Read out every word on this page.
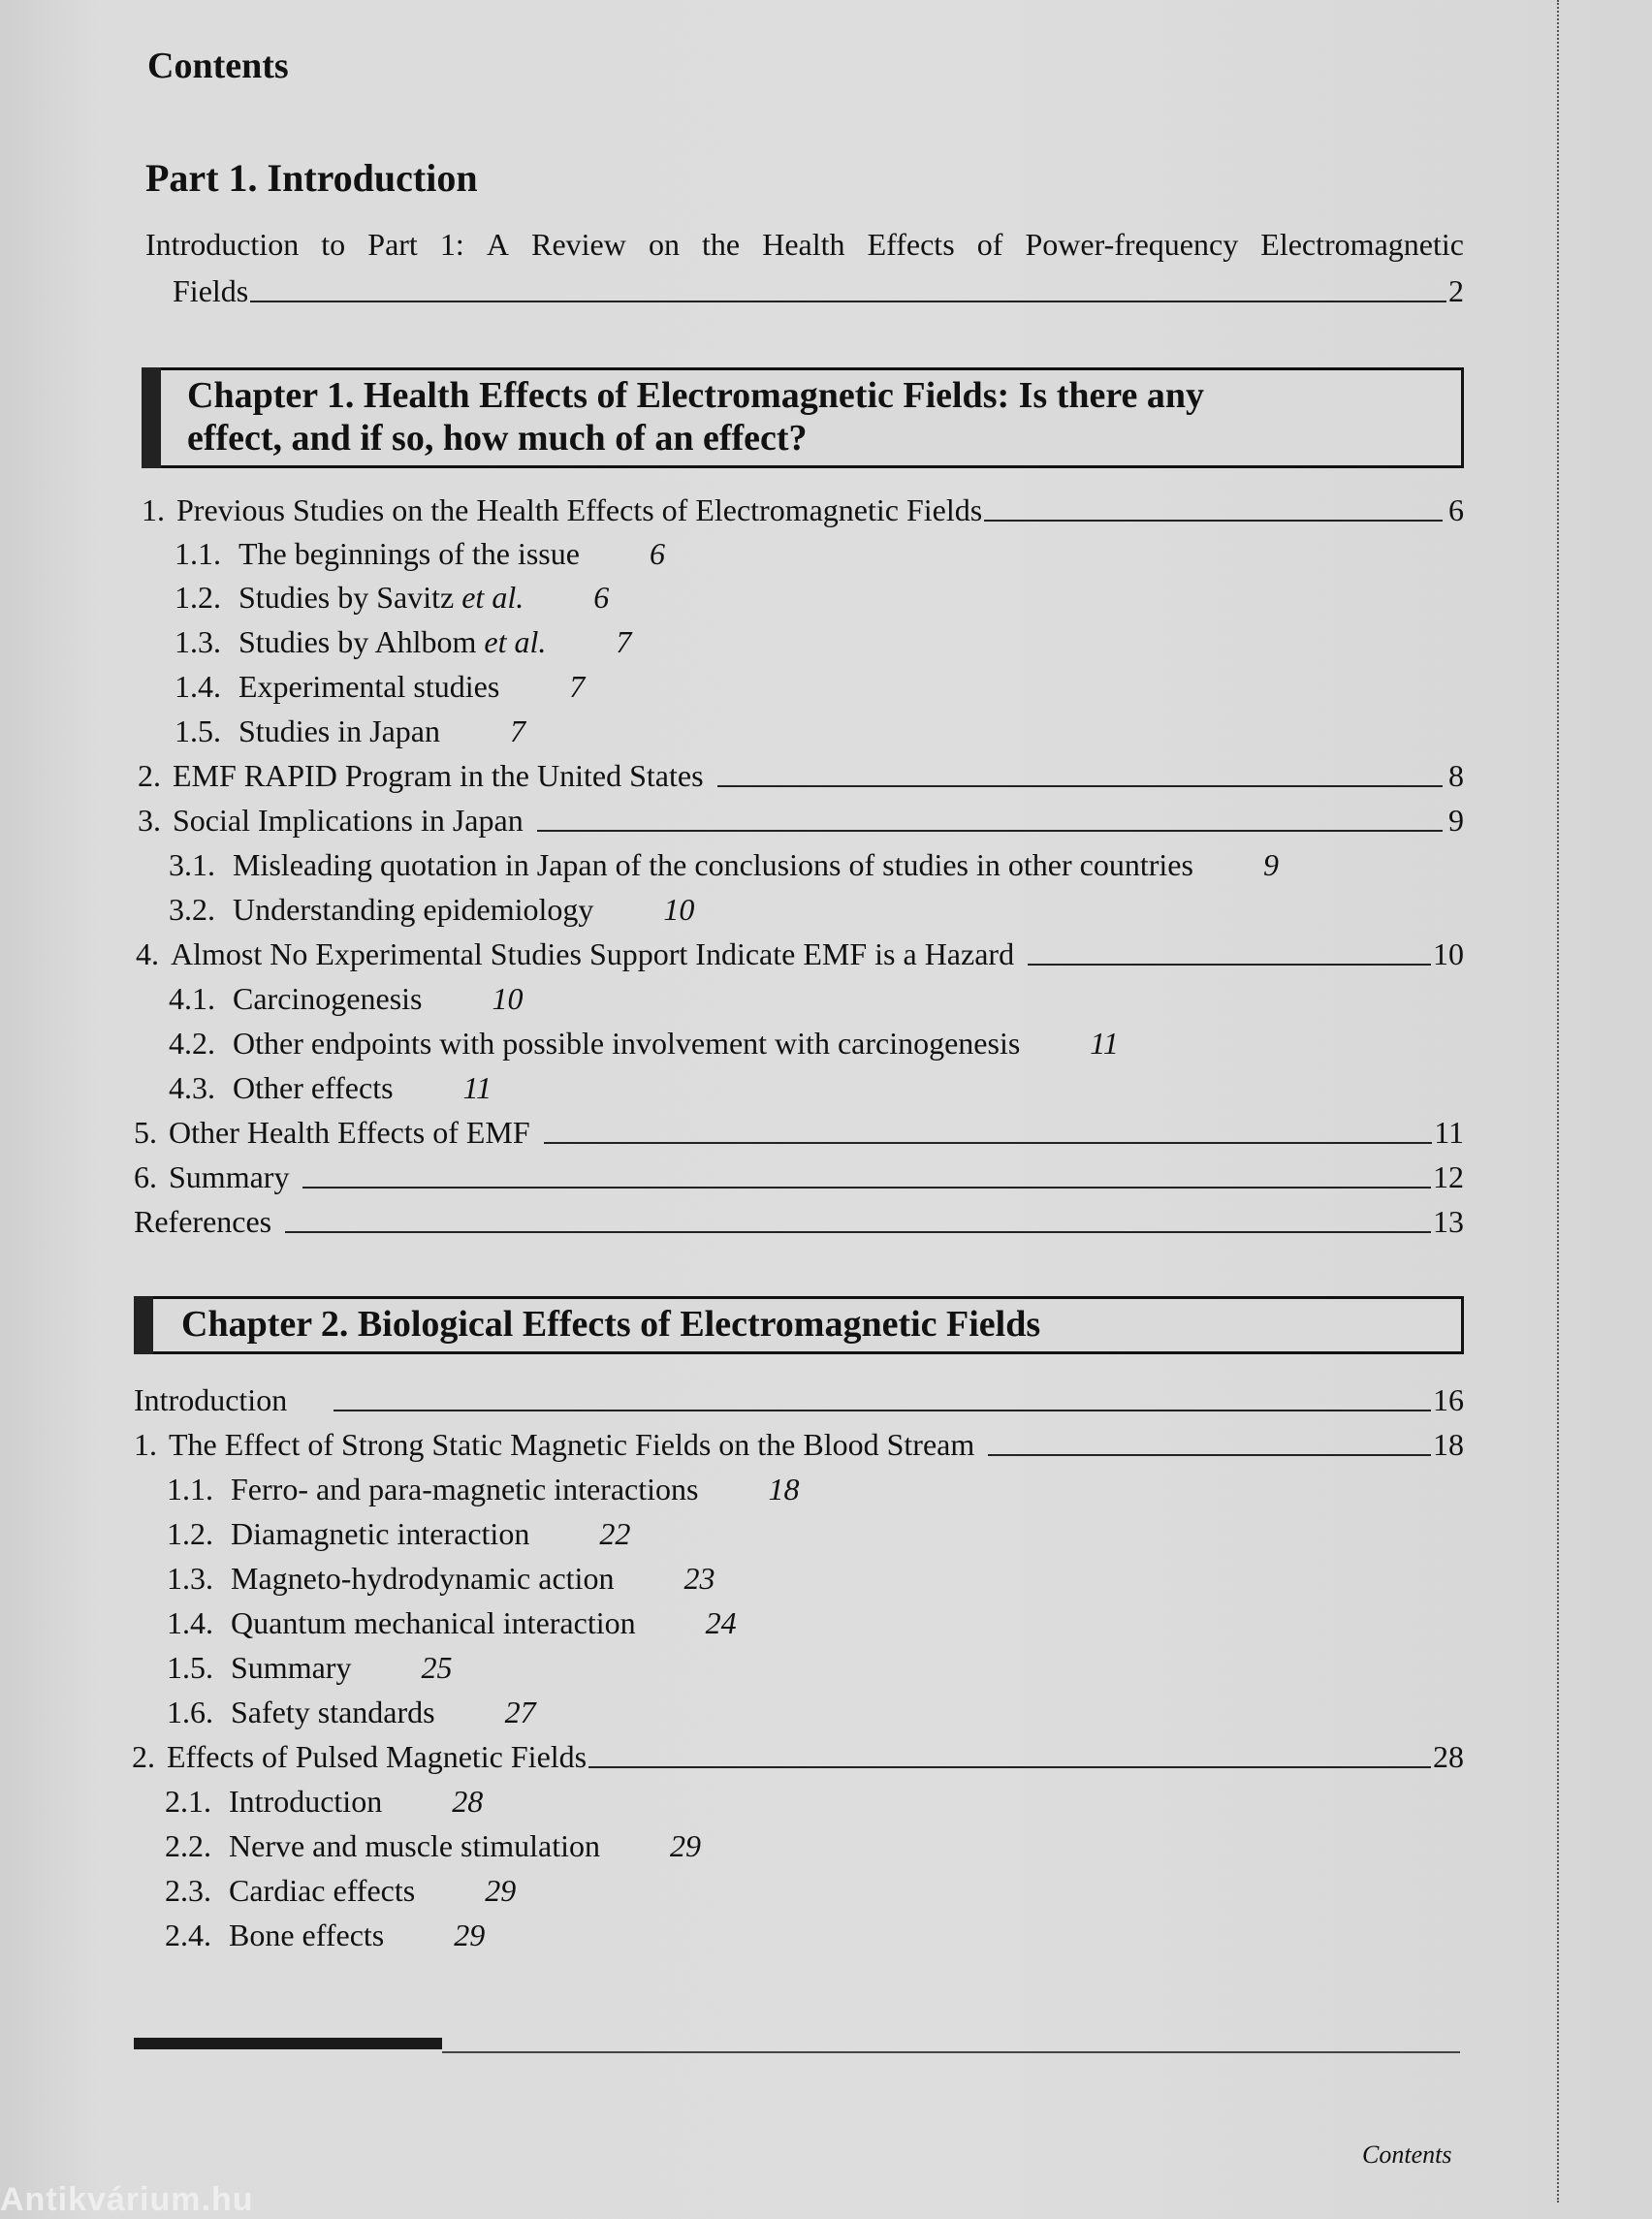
Contents
Part 1. Introduction
Introduction to Part 1: A Review on the Health Effects of Power-frequency Electromagnetic
Fields	2
Chapter 1. Health Effects of Electromagnetic Fields: Is there any
effect, and if so, how much of an effect?
1. Previous Studies on the Health Effects of Electromagnetic Fields	6
1.1. The beginnings of the issue 6
1.2. Studies by Savitz et al. 6
1.3. Studies by Ahlbom et al. 7
1.4. Experimental studies 7
1.5. Studies in Japan 7
2. EMF RAPID Program in the United States	8
3. Social Implications in Japan	9
3.1. Misleading quotation in Japan of the conclusions of studies in other countries 9
3.2. Understanding epidemiology 10
4. Almost No Experimental Studies Support Indicate EMF is a Hazard	10
4.1. Carcinogenesis 10
4.2. Other endpoints with possible involvement with carcinogenesis 11
4.3. Other effects 11
5. Other Health Effects of EMF	11
6. Summary	12
References	13
Chapter 2. Biological Effects of Electromagnetic Fields
Introduction	16
1. The Effect of Strong Static Magnetic Fields on the Blood Stream	18
1.1. Ferro- and para-magnetic interactions 18
1.2. Diamagnetic interaction 22
1.3. Magneto-hydrodynamic action 23
1.4. Quantum mechanical interaction 24
1.5. Summary 25
1.6. Safety standards 27
2. Effects of Pulsed Magnetic Fields	28
2.1. Introduction 28
2.2. Nerve and muscle stimulation 29
2.3. Cardiac effects 29
2.4. Bone effects 29
Contents
Antikvárium.hu
